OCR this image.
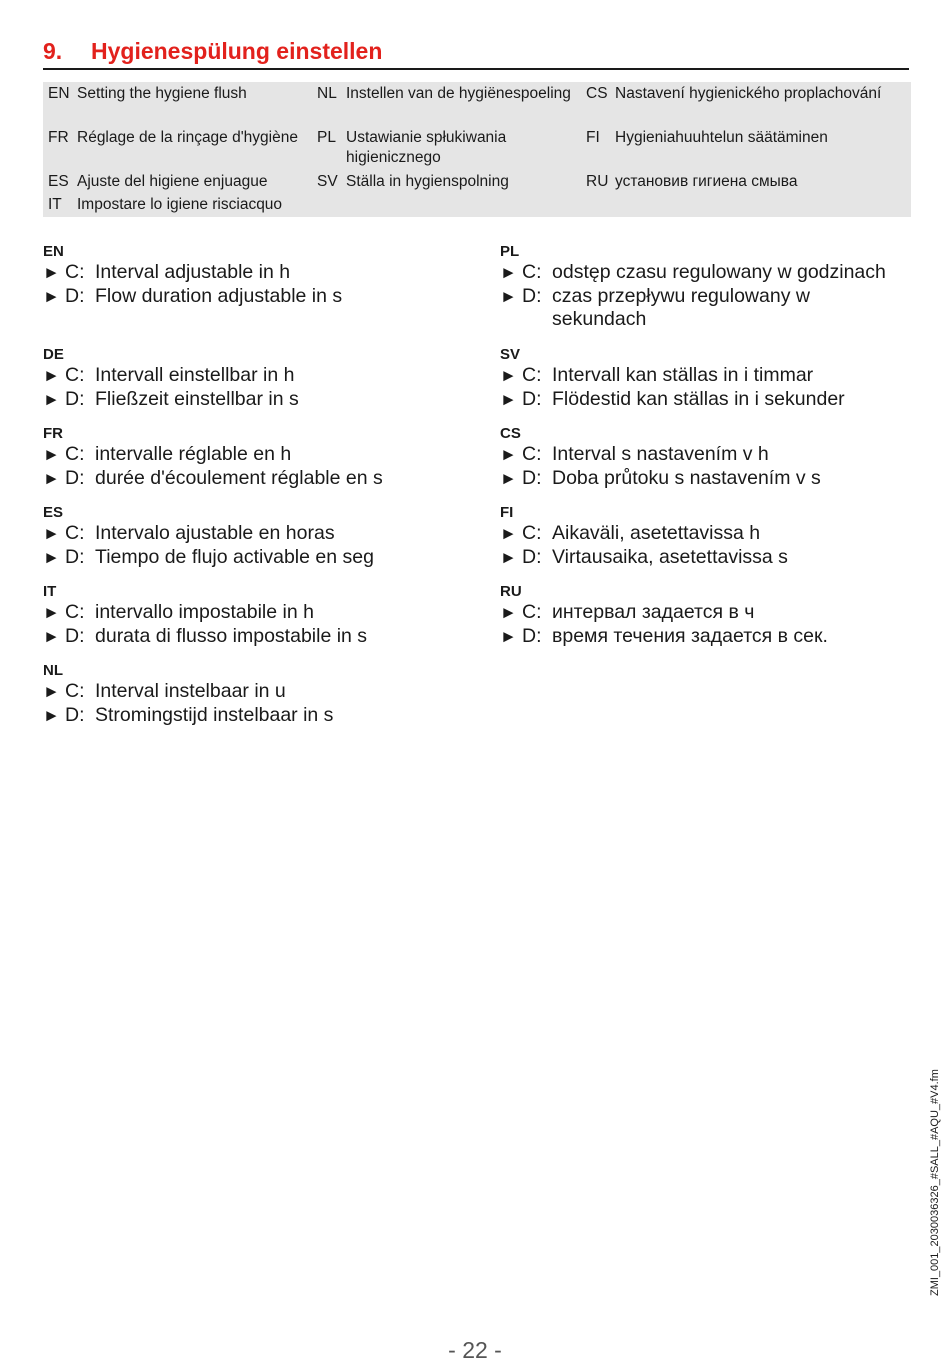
9.	Hygienespülung einstellen
EN Setting the hygiene flush
FR Réglage de la rinçage d'hygiène
ES Ajuste del higiene enjuague
IT Impostare lo igiene risciacquo
NL Instellen van de hygiënespoeling
PL Ustawianie spłukiwania higienicznego
SV Ställa in hygienspolning
CS Nastavení hygienického proplachování
FI Hygieniahuuhtelun säätäminen
RU установив гигиена смыва
EN
► C: Interval adjustable in h
► D: Flow duration adjustable in s
DE
► C: Intervall einstellbar in h
► D: Fließzeit einstellbar in s
FR
► C: intervalle réglable en h
► D: durée d'écoulement réglable en s
ES
► C: Intervalo ajustable en horas
► D: Tiempo de flujo activable en seg
IT
► C: intervallo impostabile in h
► D: durata di flusso impostabile in s
NL
► C: Interval instelbaar in u
► D: Stromingstijd instelbaar in s
PL
► C: odstęp czasu regulowany w godzinach
► D: czas przepływu regulowany w sekundach
SV
► C: Intervall kan ställas in i timmar
► D: Flödestid kan ställas in i sekunder
CS
► C: Interval s nastavením v h
► D: Doba průtoku s nastavením v s
FI
► C: Aikaväli, asetettavissa h
► D: Virtausaika, asetettavissa s
RU
► C: интервал задается в ч
► D: время течения задается в сек.
ZMI_001_2030036326_#SALL_#AQU_#V4.fm
- 22 -
